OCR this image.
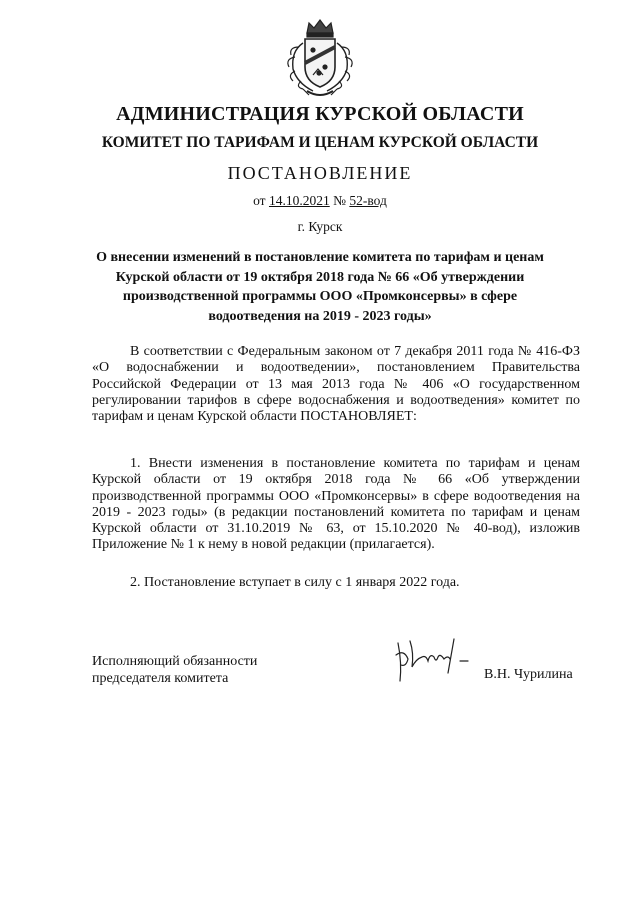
АДМИНИСТРАЦИЯ КУРСКОЙ ОБЛАСТИ
КОМИТЕТ ПО ТАРИФАМ И ЦЕНАМ КУРСКОЙ ОБЛАСТИ
ПОСТАНОВЛЕНИЕ
от 14.10.2021 № 52-вод
г. Курск
О внесении изменений в постановление комитета по тарифам и ценам Курской области от 19 октября 2018 года № 66 «Об утверждении производственной программы ООО «Промконсервы» в сфере водоотведения на 2019 - 2023 годы»
В соответствии с Федеральным законом от 7 декабря 2011 года № 416-ФЗ «О водоснабжении и водоотведении», постановлением Правительства Российской Федерации от 13 мая 2013 года № 406 «О государственном регулировании тарифов в сфере водоснабжения и водоотведения» комитет по тарифам и ценам Курской области ПОСТАНОВЛЯЕТ:
1. Внести изменения в постановление комитета по тарифам и ценам Курской области от 19 октября 2018 года № 66 «Об утверждении производственной программы ООО «Промконсервы» в сфере водоотведения на 2019 - 2023 годы» (в редакции постановлений комитета по тарифам и ценам Курской области от 31.10.2019 № 63, от 15.10.2020 № 40-вод), изложив Приложение № 1 к нему в новой редакции (прилагается).
2. Постановление вступает в силу с 1 января 2022 года.
Исполняющий обязанности
председателя комитета	В.Н. Чурилина
